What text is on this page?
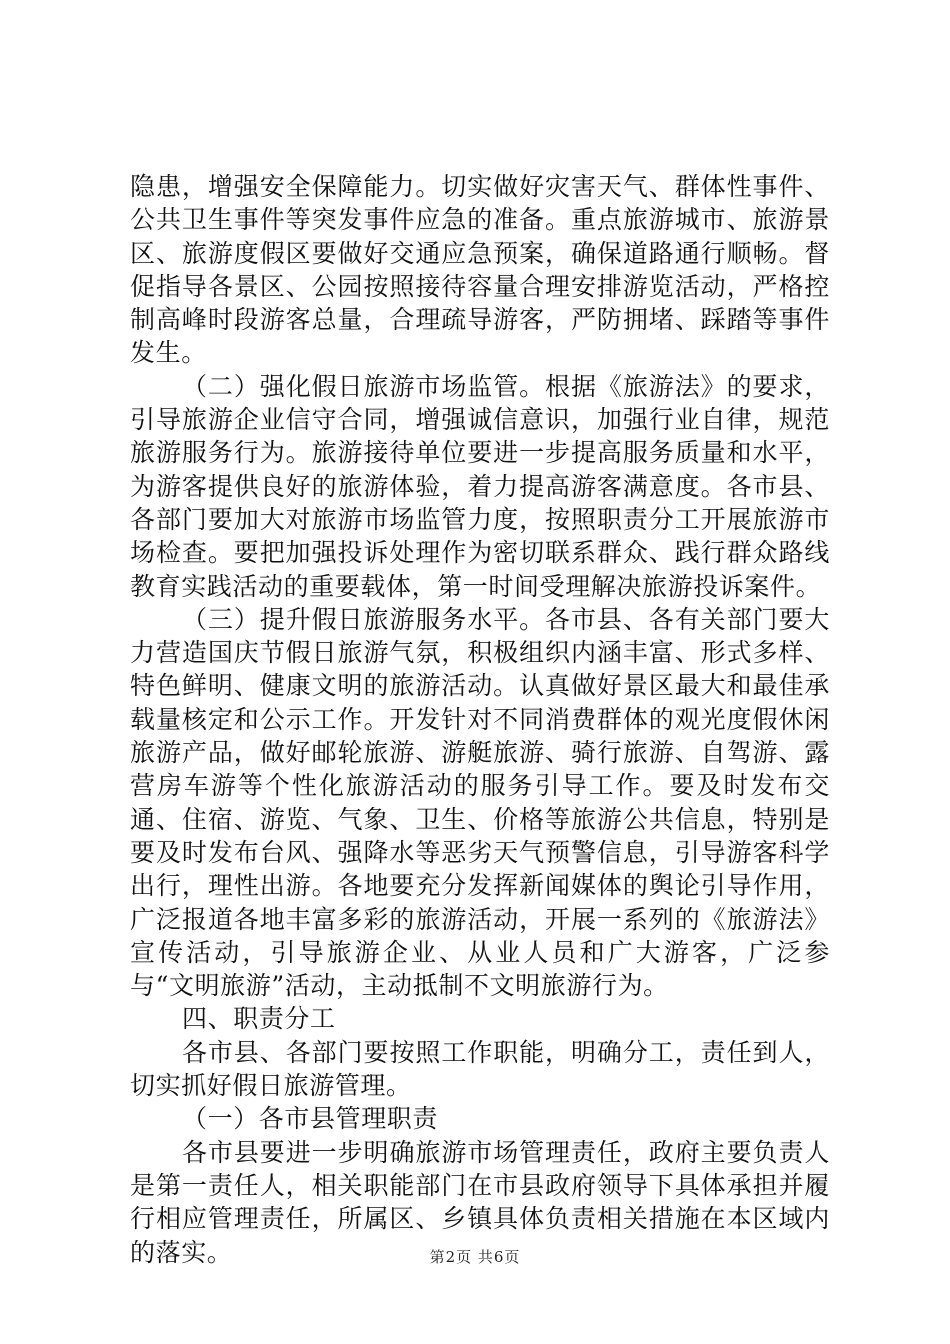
隐患，增强安全保障能力。切实做好灾害天气、群体性事件、公共卫生事件等突发事件应急的准备。重点旅游城市、旅游景区、旅游度假区要做好交通应急预案，确保道路通行顺畅。督促指导各景区、公园按照接待容量合理安排游览活动，严格控制高峰时段游客总量，合理疏导游客，严防拥堵、踩踏等事件发生。

（二）强化假日旅游市场监管。根据《旅游法》的要求，引导旅游企业信守合同，增强诚信意识，加强行业自律，规范旅游服务行为。旅游接待单位要进一步提高服务质量和水平，为游客提供良好的旅游体验，着力提高游客满意度。各市县、各部门要加大对旅游市场监管力度，按照职责分工开展旅游市场检查。要把加强投诉处理作为密切联系群众、践行群众路线教育实践活动的重要载体，第一时间受理解决旅游投诉案件。

（三）提升假日旅游服务水平。各市县、各有关部门要大力营造国庆节假日旅游气氛，积极组织内涵丰富、形式多样、特色鲜明、健康文明的旅游活动。认真做好景区最大和最佳承载量核定和公示工作。开发针对不同消费群体的观光度假休闲旅游产品，做好邮轮旅游、游艇旅游、骑行旅游、自驾游、露营房车游等个性化旅游活动的服务引导工作。要及时发布交通、住宿、游览、气象、卫生、价格等旅游公共信息，特别是要及时发布台风、强降水等恶劣天气预警信息，引导游客科学出行，理性出游。各地要充分发挥新闻媒体的舆论引导作用，广泛报道各地丰富多彩的旅游活动，开展一系列的《旅游法》宣传活动，引导旅游企业、从业人员和广大游客，广泛参与“文明旅游”活动，主动抵制不文明旅游行为。

四、职责分工

各市县、各部门要按照工作职能，明确分工，责任到人，切实抓好假日旅游管理。

（一）各市县管理职责

各市县要进一步明确旅游市场管理责任，政府主要负责人是第一责任人，相关职能部门在市县政府领导下具体承担并履行相应管理责任，所属区、乡镇具体负责相关措施在本区域内的落实。	第2页 共6页
